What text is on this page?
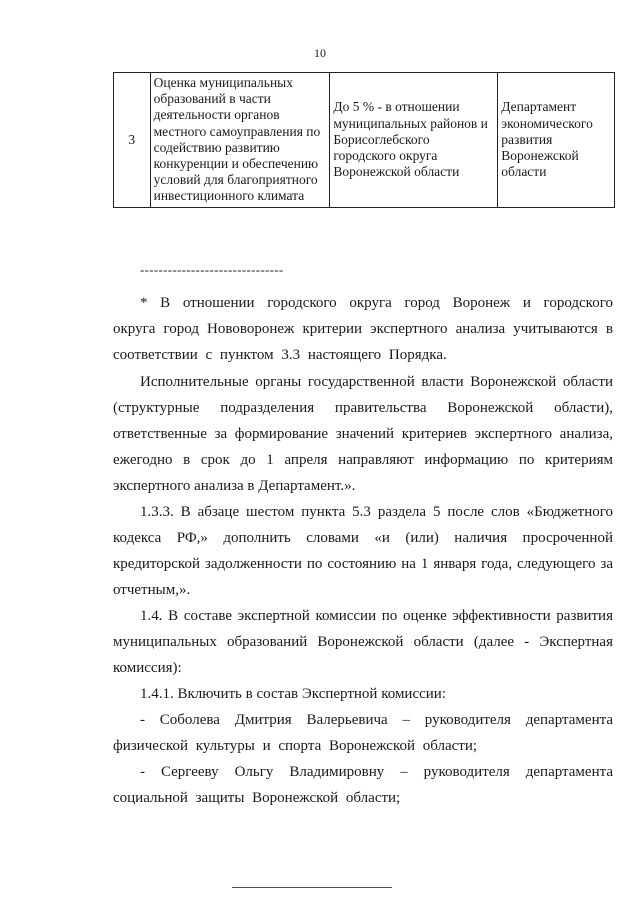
10
3	Оценка муниципальных образований в части деятельности органов местного самоуправления по содействию развитию конкуренции и обеспечению условий для благоприятного инвестиционного климата	До 5 % - в отношении муниципальных районов и Борисоглебского городского округа Воронежской области	Департамент экономического развития Воронежской области
-------------------------------

* В отношении городского округа город Воронеж и городского округа город Нововоронеж критерии экспертного анализа учитываются в соответствии с пунктом 3.3 настоящего Порядка.

Исполнительные органы государственной власти Воронежской области (структурные подразделения правительства Воронежской области), ответственные за формирование значений критериев экспертного анализа, ежегодно в срок до 1 апреля направляют информацию по критериям экспертного анализа в Департамент.».

1.3.3. В абзаце шестом пункта 5.3 раздела 5 после слов «Бюджетного кодекса РФ,» дополнить словами «и (или) наличия просроченной кредиторской задолженности по состоянию на 1 января года, следующего за отчетным,».

1.4. В составе экспертной комиссии по оценке эффективности развития муниципальных образований Воронежской области (далее - Экспертная комиссия):

1.4.1. Включить в состав Экспертной комиссии:

- Соболева Дмитрия Валерьевича – руководителя департамента физической культуры и спорта Воронежской области;

- Сергееву Ольгу Владимировну – руководителя департамента социальной защиты Воронежской области;
